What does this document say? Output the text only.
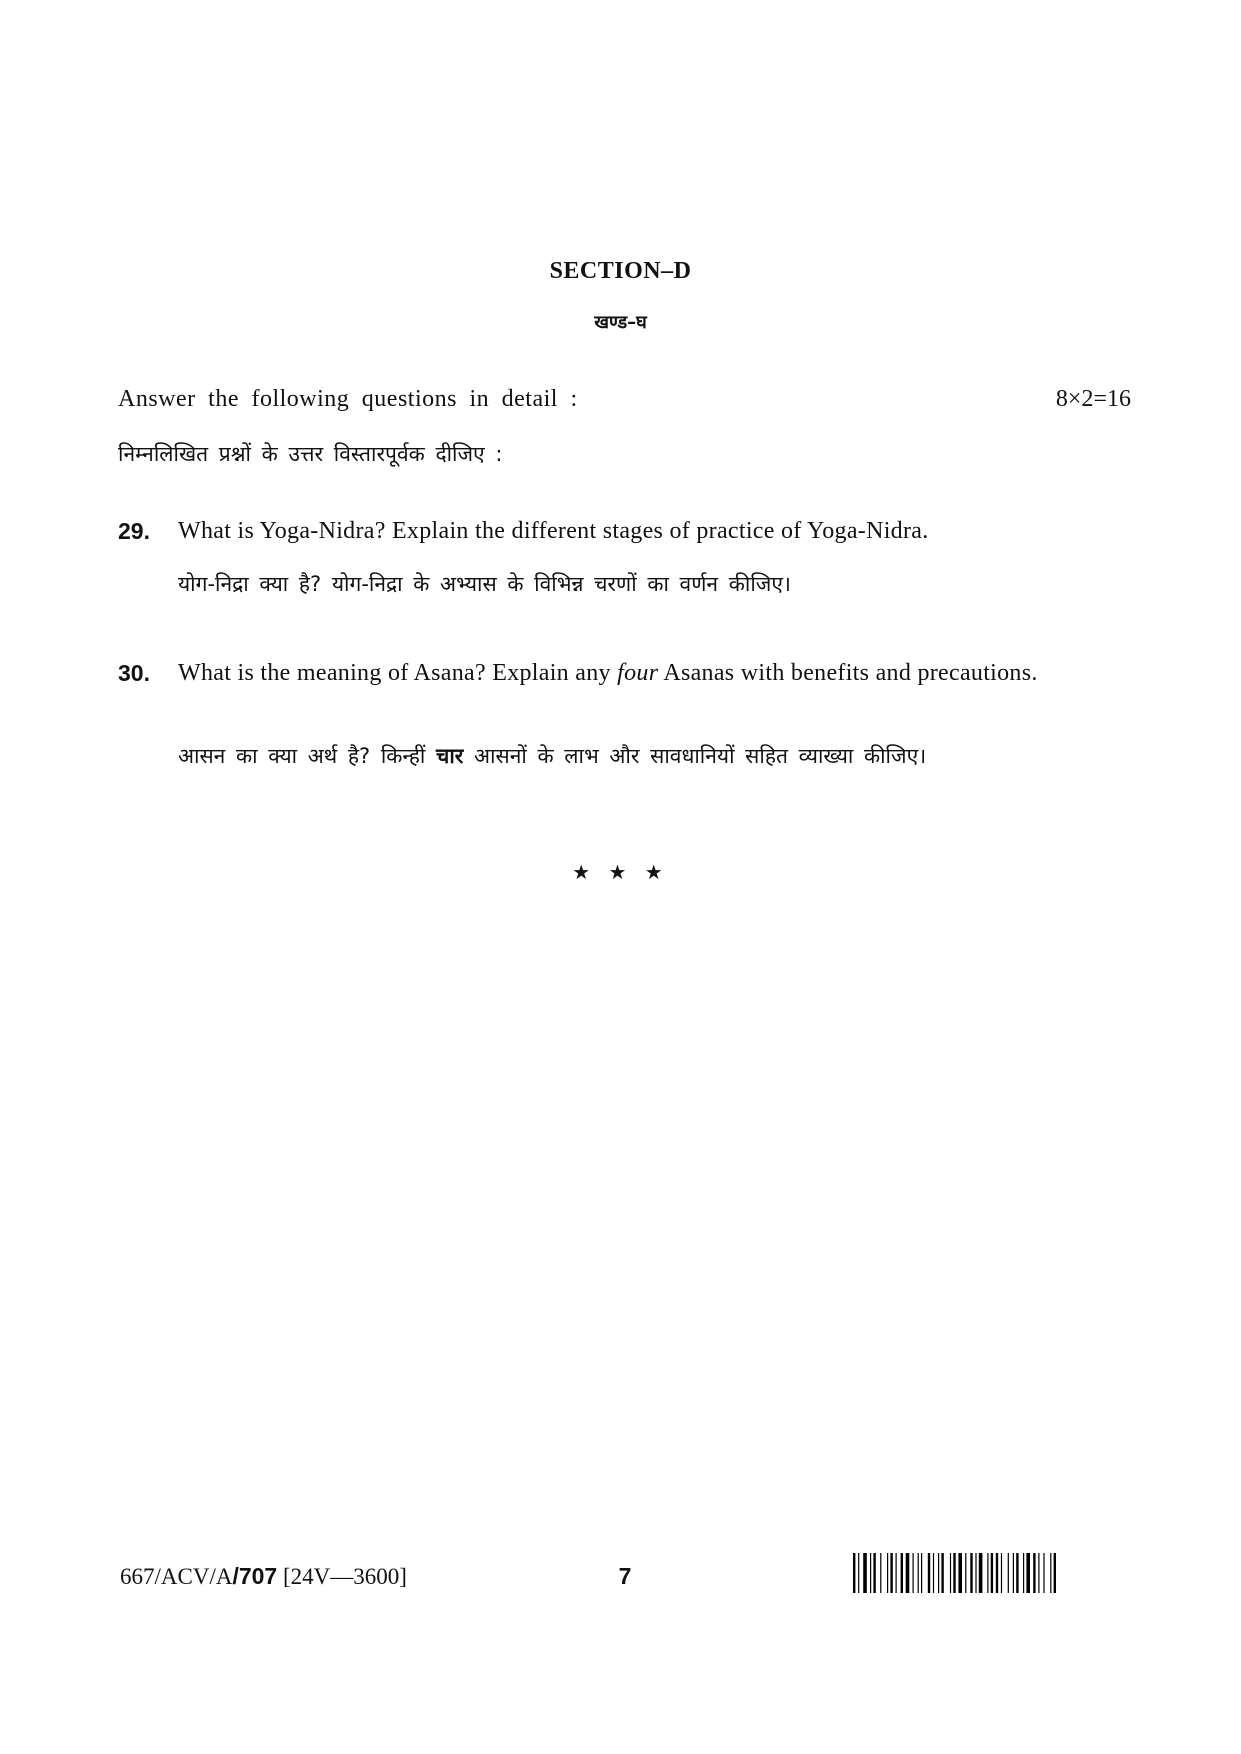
SECTION–D
खण्ड–घ
Answer the following questions in detail :	8×2=16
निम्नलिखित प्रश्नों के उत्तर विस्तारपूर्वक दीजिए :
29. What is Yoga-Nidra? Explain the different stages of practice of Yoga-Nidra.
योग-निद्रा क्या है? योग-निद्रा के अभ्यास के विभिन्न चरणों का वर्णन कीजिए।
30. What is the meaning of Asana? Explain any four Asanas with benefits and precautions.
आसन का क्या अर्थ है? किन्हीं चार आसनों के लाभ और सावधानियों सहित व्याख्या कीजिए।
★ ★ ★
667/ACV/A/707 [24V—3600]	7
